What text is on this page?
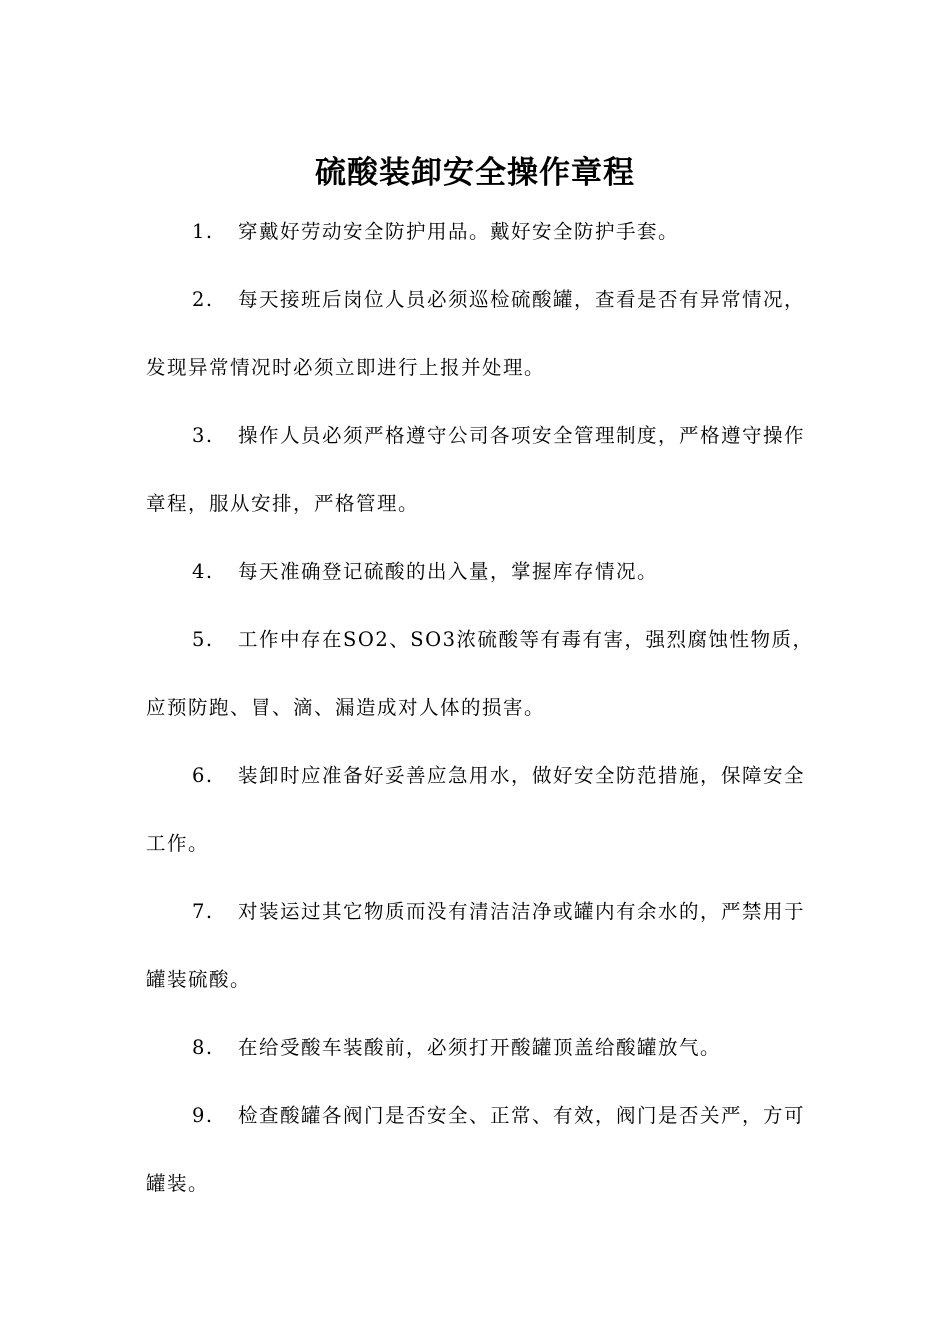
硫酸装卸安全操作章程

1. 穿戴好劳动安全防护用品。戴好安全防护手套。

2. 每天接班后岗位人员必须巡检硫酸罐，查看是否有异常情况，发现异常情况时必须立即进行上报并处理。

3. 操作人员必须严格遵守公司各项安全管理制度，严格遵守操作章程，服从安排，严格管理。

4. 每天准确登记硫酸的出入量，掌握库存情况。

5. 工作中存在SO2、SO3浓硫酸等有毒有害，强烈腐蚀性物质，应预防跑、冒、滴、漏造成对人体的损害。

6. 装卸时应准备好妥善应急用水，做好安全防范措施，保障安全工作。

7. 对装运过其它物质而没有清洁洁净或罐内有余水的，严禁用于罐装硫酸。

8. 在给受酸车装酸前，必须打开酸罐顶盖给酸罐放气。

9. 检查酸罐各阀门是否安全、正常、有效，阀门是否关严，方可罐装。
